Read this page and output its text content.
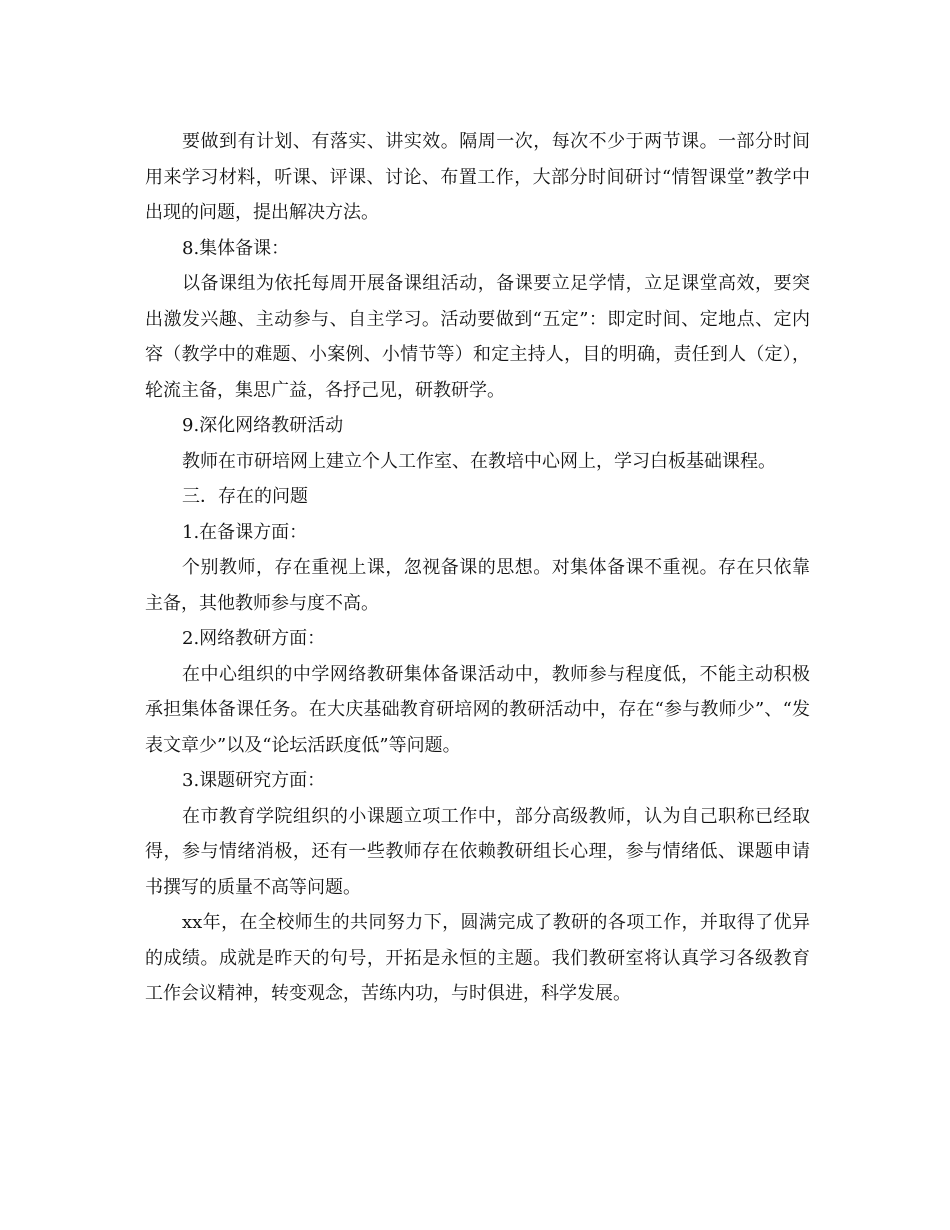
要做到有计划、有落实、讲实效。隔周一次，每次不少于两节课。一部分时间用来学习材料，听课、评课、讨论、布置工作，大部分时间研讨“情智课堂”教学中出现的问题，提出解决方法。

8.集体备课：

以备课组为依托每周开展备课组活动，备课要立足学情，立足课堂高效，要突出激发兴趣、主动参与、自主学习。活动要做到“五定”：即定时间、定地点、定内容（教学中的难题、小案例、小情节等）和定主持人，目的明确，责任到人（定），轮流主备，集思广益，各抒己见，研教研学。

9.深化网络教研活动

教师在市研培网上建立个人工作室、在教培中心网上，学习白板基础课程。

三．存在的问题

1.在备课方面：

个别教师，存在重视上课，忽视备课的思想。对集体备课不重视。存在只依靠主备，其他教师参与度不高。

2.网络教研方面：

在中心组织的中学网络教研集体备课活动中，教师参与程度低，不能主动积极承担集体备课任务。在大庆基础教育研培网的教研活动中，存在“参与教师少”、“发表文章少”以及“论坛活跃度低”等问题。

3.课题研究方面：

在市教育学院组织的小课题立项工作中，部分高级教师，认为自己职称已经取得，参与情绪消极，还有一些教师存在依赖教研组长心理，参与情绪低、课题申请书撰写的质量不高等问题。

xx年，在全校师生的共同努力下，圆满完成了教研的各项工作，并取得了优异的成绩。成就是昨天的句号，开拓是永恒的主题。我们教研室将认真学习各级教育工作会议精神，转变观念，苦练内功，与时俱进，科学发展。
